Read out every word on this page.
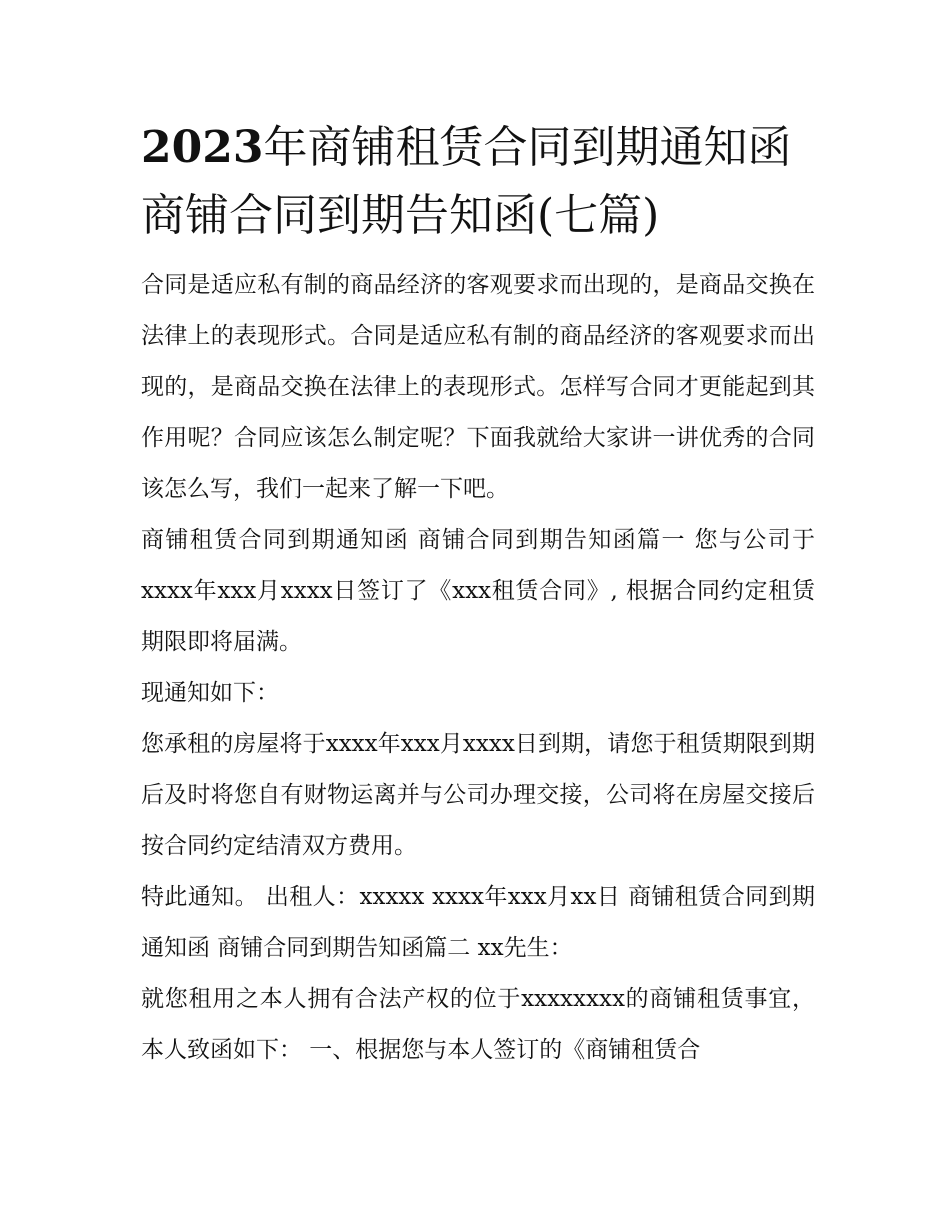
2023年商铺租赁合同到期通知函 商铺合同到期告知函(七篇)

合同是适应私有制的商品经济的客观要求而出现的，是商品交换在法律上的表现形式。合同是适应私有制的商品经济的客观要求而出现的，是商品交换在法律上的表现形式。怎样写合同才更能起到其作用呢？合同应该怎么制定呢？下面我就给大家讲一讲优秀的合同该怎么写，我们一起来了解一下吧。

商铺租赁合同到期通知函 商铺合同到期告知函篇一 您与公司于xxxx年xxx月xxxx日签订了《xxx租赁合同》, 根据合同约定租赁期限即将届满。

现通知如下：

您承租的房屋将于xxxx年xxx月xxxx日到期，请您于租赁期限到期后及时将您自有财物运离并与公司办理交接，公司将在房屋交接后按合同约定结清双方费用。

特此通知。 出租人：xxxxx xxxx年xxx月xx日 商铺租赁合同到期通知函 商铺合同到期告知函篇二 xx先生：

就您租用之本人拥有合法产权的位于xxxxxxxx的商铺租赁事宜，本人致函如下： 一、根据您与本人签订的《商铺租赁合
